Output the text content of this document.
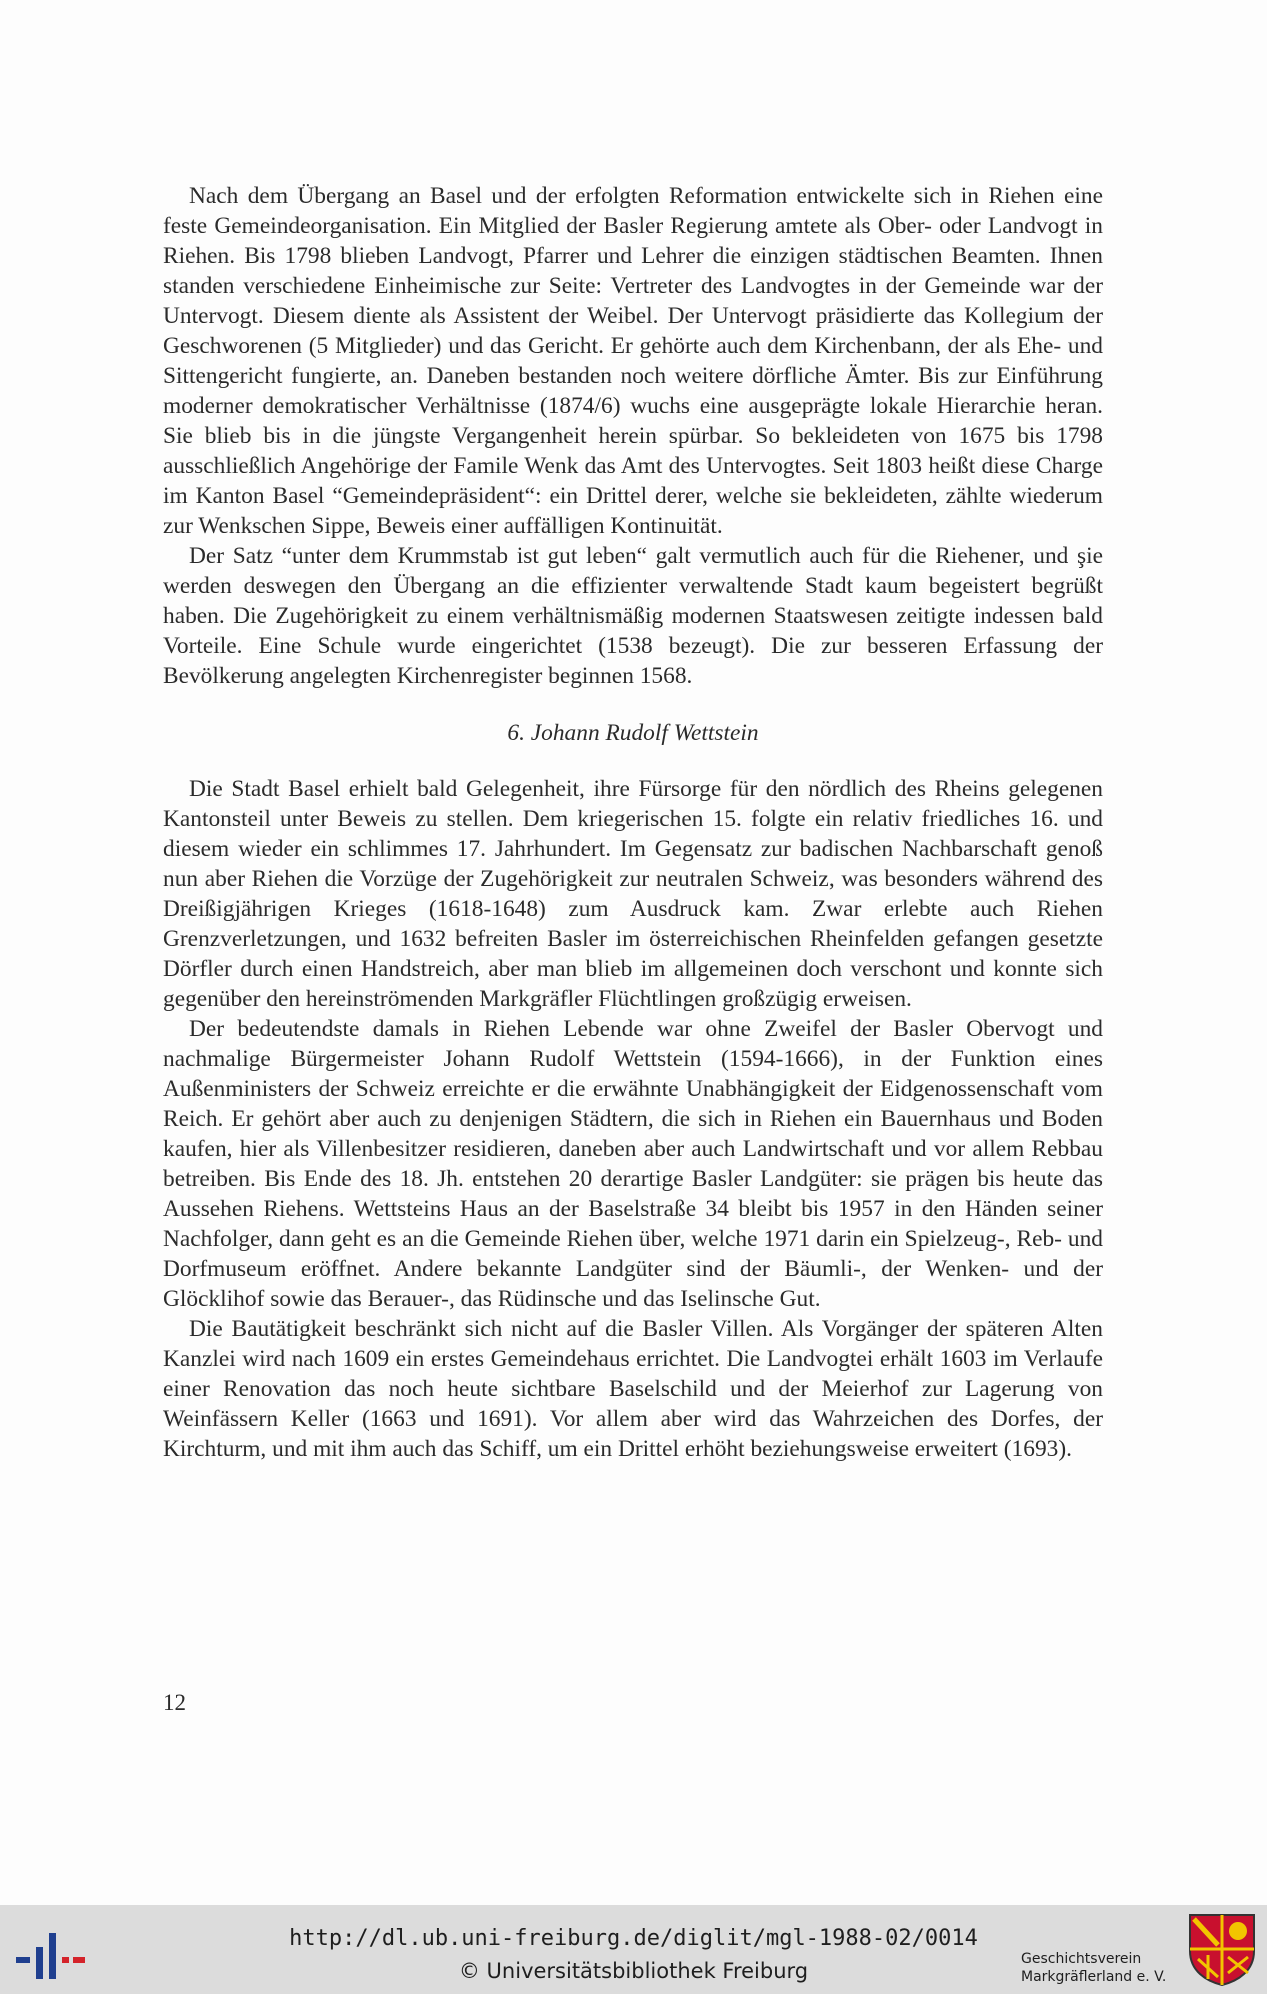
Nach dem Übergang an Basel und der erfolgten Reformation entwickelte sich in Riehen eine feste Gemeindeorganisation. Ein Mitglied der Basler Regierung amtete als Ober- oder Landvogt in Riehen. Bis 1798 blieben Landvogt, Pfarrer und Lehrer die einzigen städtischen Beamten. Ihnen standen verschiedene Einheimische zur Seite: Vertreter des Landvogtes in der Gemeinde war der Untervogt. Diesem diente als Assistent der Weibel. Der Untervogt präsidierte das Kollegium der Geschworenen (5 Mitglieder) und das Gericht. Er gehörte auch dem Kirchenbann, der als Ehe- und Sittengericht fungierte, an. Daneben bestanden noch weitere dörfliche Ämter. Bis zur Einführung moderner demokratischer Verhältnisse (1874/6) wuchs eine ausgeprägte lokale Hierarchie heran. Sie blieb bis in die jüngste Vergangenheit herein spürbar. So bekleideten von 1675 bis 1798 ausschließlich Angehörige der Famile Wenk das Amt des Untervogtes. Seit 1803 heißt diese Charge im Kanton Basel “Gemeindepräsident“: ein Drittel derer, welche sie bekleideten, zählte wiederum zur Wenkschen Sippe, Beweis einer auffälligen Kontinuität.

Der Satz “unter dem Krummstab ist gut leben“ galt vermutlich auch für die Riehener, und şie werden deswegen den Übergang an die effizienter verwaltende Stadt kaum begeistert begrüßt haben. Die Zugehörigkeit zu einem verhältnismäßig modernen Staatswesen zeitigte indessen bald Vorteile. Eine Schule wurde eingerichtet (1538 bezeugt). Die zur besseren Erfassung der Bevölkerung angelegten Kirchenregister beginnen 1568.

6. Johann Rudolf Wettstein

Die Stadt Basel erhielt bald Gelegenheit, ihre Fürsorge für den nördlich des Rheins gelegenen Kantonsteil unter Beweis zu stellen. Dem kriegerischen 15. folgte ein relativ friedliches 16. und diesem wieder ein schlimmes 17. Jahrhundert. Im Gegensatz zur badischen Nachbarschaft genoß nun aber Riehen die Vorzüge der Zugehörigkeit zur neutralen Schweiz, was besonders während des Dreißigjährigen Krieges (1618-1648) zum Ausdruck kam. Zwar erlebte auch Riehen Grenzverletzungen, und 1632 befreiten Basler im österreichischen Rheinfelden gefangen gesetzte Dörfler durch einen Handstreich, aber man blieb im allgemeinen doch verschont und konnte sich gegenüber den hereinströmenden Markgräfler Flüchtlingen großzügig erweisen.

Der bedeutendste damals in Riehen Lebende war ohne Zweifel der Basler Obervogt und nachmalige Bürgermeister Johann Rudolf Wettstein (1594-1666), in der Funktion eines Außenministers der Schweiz erreichte er die erwähnte Unabhängigkeit der Eidgenossenschaft vom Reich. Er gehört aber auch zu denjenigen Städtern, die sich in Riehen ein Bauernhaus und Boden kaufen, hier als Villenbesitzer residieren, daneben aber auch Landwirtschaft und vor allem Rebbau betreiben. Bis Ende des 18. Jh. entstehen 20 derartige Basler Landgüter: sie prägen bis heute das Aussehen Riehens. Wettsteins Haus an der Baselstraße 34 bleibt bis 1957 in den Händen seiner Nachfolger, dann geht es an die Gemeinde Riehen über, welche 1971 darin ein Spielzeug-, Reb- und Dorfmuseum eröffnet. Andere bekannte Landgüter sind der Bäumli-, der Wenken- und der Glöcklihof sowie das Berauer-, das Rüdinsche und das Iselinsche Gut.

Die Bautätigkeit beschränkt sich nicht auf die Basler Villen. Als Vorgänger der späteren Alten Kanzlei wird nach 1609 ein erstes Gemeindehaus errichtet. Die Landvogtei erhält 1603 im Verlaufe einer Renovation das noch heute sichtbare Baselschild und der Meierhof zur Lagerung von Weinfässern Keller (1663 und 1691). Vor allem aber wird das Wahrzeichen des Dorfes, der Kirchturm, und mit ihm auch das Schiff, um ein Drittel erhöht beziehungsweise erweitert (1693).

12
http://dl.ub.uni-freiburg.de/diglit/mgl-1988-02/0014
© Universitätsbibliothek Freiburg	Geschichtsverein
Markgräflerland e. V.
